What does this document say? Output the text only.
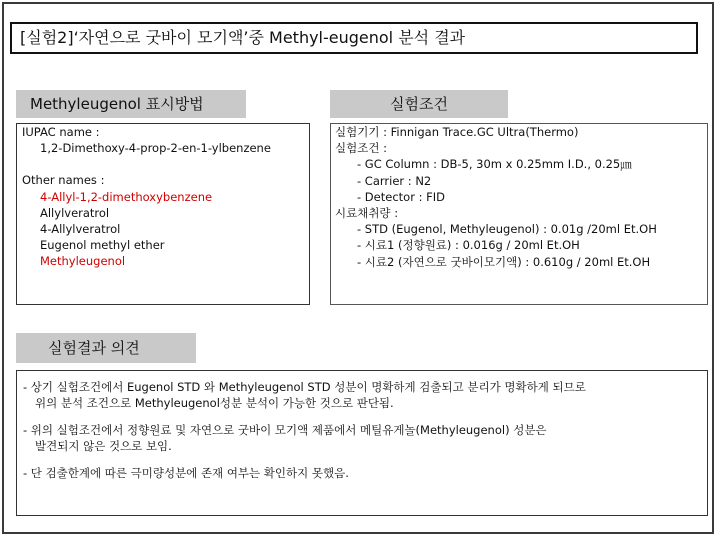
[실험2]‘자연으로 굿바이 모기액’중 Methyl-eugenol 분석 결과
Methyleugenol 표시방법	실험조건
IUPAC name :
1,2-Dimethoxy-4-prop-2-en-1-ylbenzene
Other names :
4-Allyl-1,2-dimethoxybenzene
Allylveratrol
4-Allylveratrol
Eugenol methyl ether
Methyleugenol
실험기기 : Finnigan Trace.GC Ultra(Thermo)
실험조건 :
- GC Column : DB-5, 30m x 0.25mm I.D., 0.25㎛
- Carrier : N2
- Detector : FID
시료채취량 :
- STD (Eugenol, Methyleugenol) : 0.01g /20ml Et.OH
- 시료1 (정향원료) : 0.016g / 20ml Et.OH
- 시료2 (자연으로 굿바이모기액) : 0.610g / 20ml Et.OH
실험결과 의견
- 상기 실험조건에서 Eugenol STD 와 Methyleugenol STD 성분이 명확하게 검출되고 분리가 명확하게 되므로
위의 분석 조건으로 Methyleugenol성분 분석이 가능한 것으로 판단됨.
- 위의 실험조건에서 정향원료 및 자연으로 굿바이 모기액 제품에서 메틸유게놀(Methyleugenol) 성분은
발견되지 않은 것으로 보임.
- 단 검출한계에 따른 극미량성분에 존재 여부는 확인하지 못했음.
